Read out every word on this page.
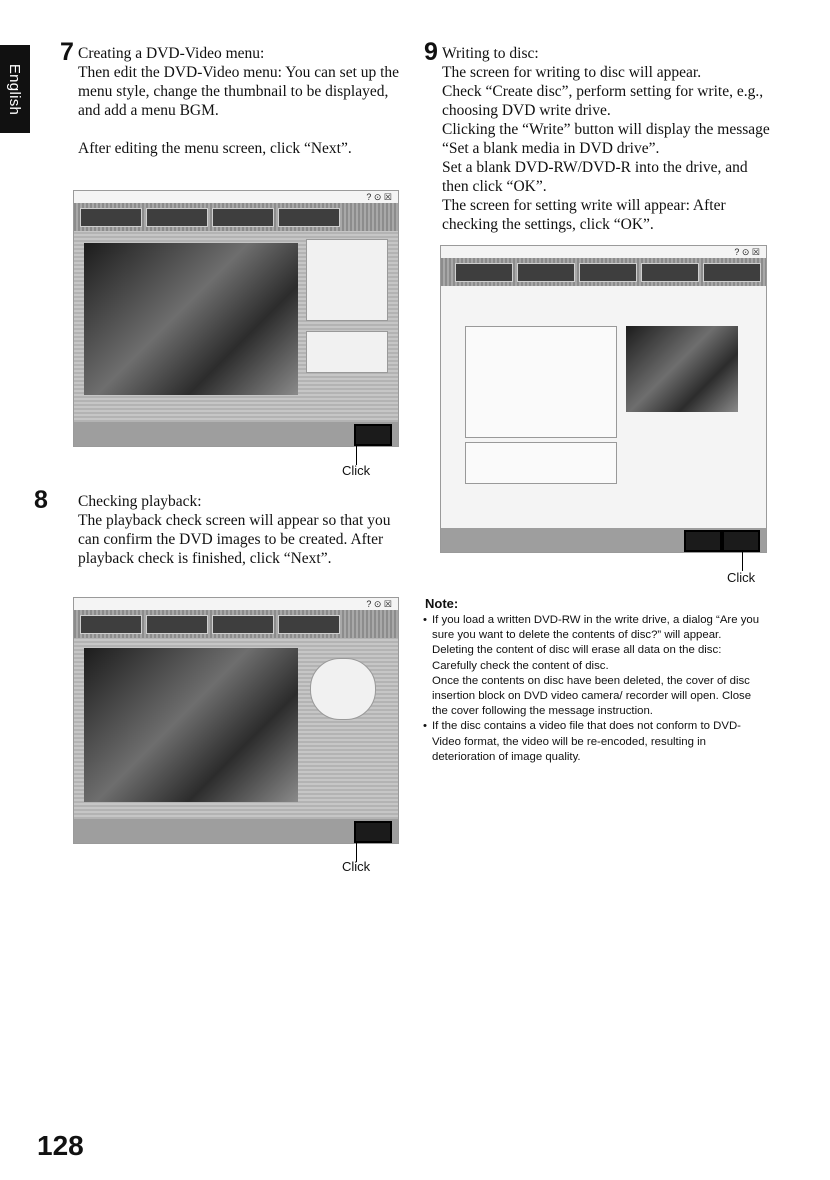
English
7 Creating a DVD-Video menu:

Then edit the DVD-Video menu: You can set up the menu style, change the thumbnail to be displayed, and add a menu BGM.

After editing the menu screen, click “Next”.

? ⊙ ☒
Click
8 Checking playback:

The playback check screen will appear so that you can confirm the DVD images to be created. After playback check is finished, click “Next”.

? ⊙ ☒
Click
9 Writing to disc:

The screen for writing to disc will appear.

Check “Create disc”, perform setting for write, e.g., choosing DVD write drive.

Clicking the “Write” button will display the message “Set a blank media in DVD drive”.

Set a blank DVD-RW/DVD-R into the drive, and then click “OK”.

The screen for setting write will appear: After checking the settings, click “OK”.

? ⊙ ☒
Click
Note:

• If you load a written DVD-RW in the write drive, a dialog “Are you sure you want to delete the contents of disc?” will appear.

Deleting the content of disc will erase all data on the disc: Carefully check the content of disc.

Once the contents on disc have been deleted, the cover of disc insertion block on DVD video camera/ recorder will open. Close the cover following the message instruction.

• If the disc contains a video file that does not conform to DVD-Video format, the video will be re-encoded, resulting in deterioration of image quality.

128
